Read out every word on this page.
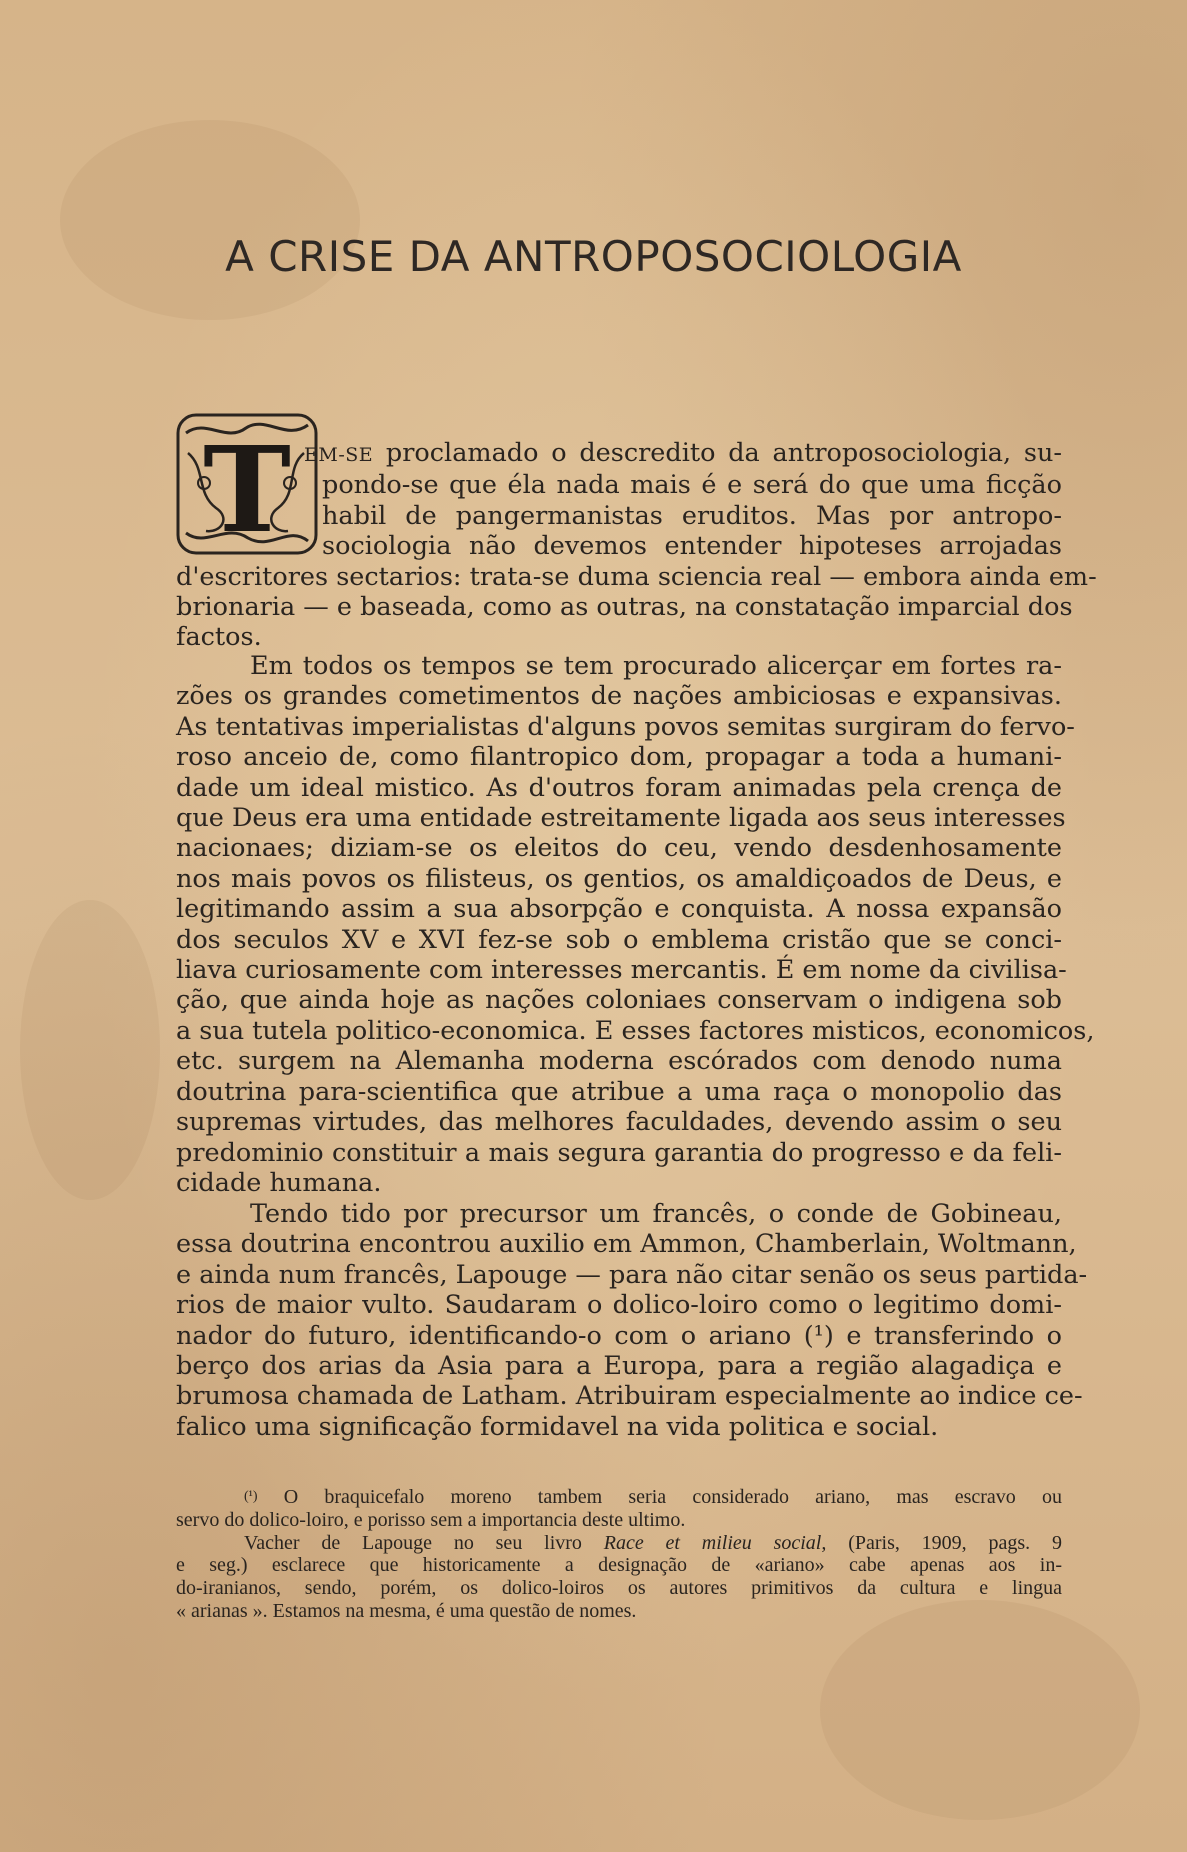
A CRISE DA ANTROPOSOCIOLOGIA
T EM-SE proclamado o descredito da antroposociologia, su-
pondo-se que éla nada mais é e será do que uma ficção
habil de pangermanistas eruditos. Mas por antropo-
sociologia não devemos entender hipoteses arrojadas
d'escritores sectarios: trata-se duma sciencia real — embora ainda em-
brionaria — e baseada, como as outras, na constatação imparcial dos
factos.
Em todos os tempos se tem procurado alicerçar em fortes ra-
zões os grandes cometimentos de nações ambiciosas e expansivas.
As tentativas imperialistas d'alguns povos semitas surgiram do fervo-
roso anceio de, como filantropico dom, propagar a toda a humani-
dade um ideal mistico. As d'outros foram animadas pela crença de
que Deus era uma entidade estreitamente ligada aos seus interesses
nacionaes; diziam-se os eleitos do ceu, vendo desdenhosamente
nos mais povos os filisteus, os gentios, os amaldiçoados de Deus, e
legitimando assim a sua absorpção e conquista. A nossa expansão
dos seculos XV e XVI fez-se sob o emblema cristão que se conci-
liava curiosamente com interesses mercantis. É em nome da civilisa-
ção, que ainda hoje as nações coloniaes conservam o indigena sob
a sua tutela politico-economica. E esses factores misticos, economicos,
etc. surgem na Alemanha moderna escórados com denodo numa
doutrina para-scientifica que atribue a uma raça o monopolio das
supremas virtudes, das melhores faculdades, devendo assim o seu
predominio constituir a mais segura garantia do progresso e da feli-
cidade humana.
Tendo tido por precursor um francês, o conde de Gobineau,
essa doutrina encontrou auxilio em Ammon, Chamberlain, Woltmann,
e ainda num francês, Lapouge — para não citar senão os seus partida-
rios de maior vulto. Saudaram o dolico-loiro como o legitimo domi-
nador do futuro, identificando-o com o ariano (¹) e transferindo o
berço dos arias da Asia para a Europa, para a região alagadiça e
brumosa chamada de Latham. Atribuiram especialmente ao indice ce-
falico uma significação formidavel na vida politica e social.
$^{(^1)}$ O braquicefalo moreno tambem seria considerado ariano, mas escravo ou
servo do dolico-loiro, e porisso sem a importancia deste ultimo.
Vacher de Lapouge no seu livro Race et milieu social, (Paris, 1909, pags. 9
e seg.) esclarece que historicamente a designação de «ariano» cabe apenas aos in-
do-iranianos, sendo, porém, os dolico-loiros os autores primitivos da cultura e lingua
« arianas ». Estamos na mesma, é uma questão de nomes.
